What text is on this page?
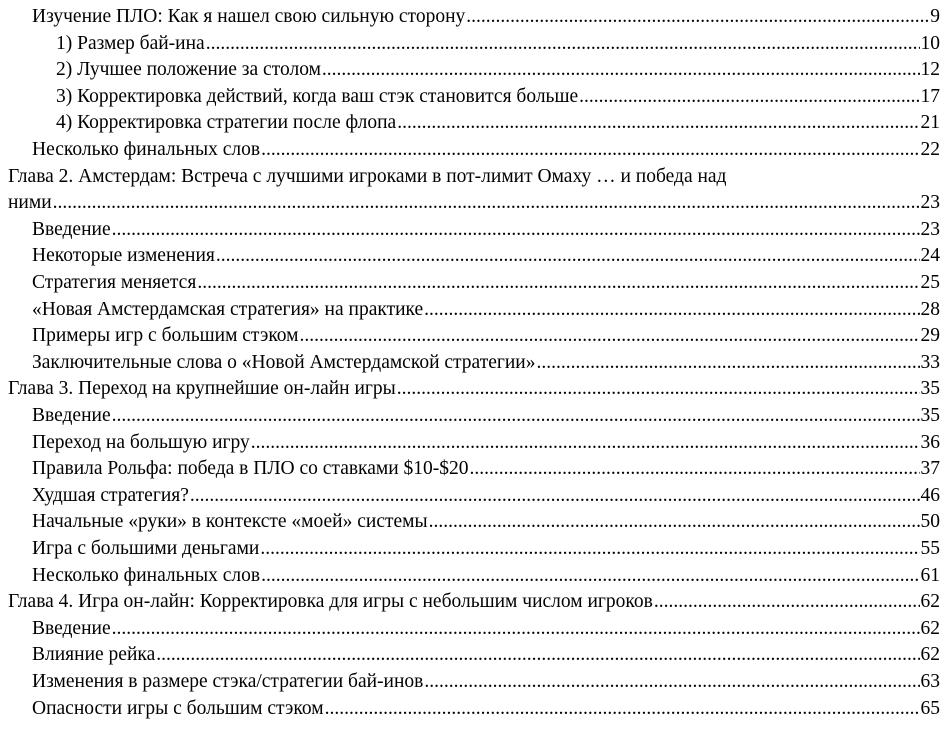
Изучение ПЛО: Как я нашел свою сильную сторону .....	9
1) Размер бай-ина .....	10
2) Лучшее положение за столом .....	12
3) Корректировка действий, когда ваш стэк становится больше .....	17
4) Корректировка стратегии после флопа .....	21
Несколько финальных слов .....	22
Глава 2. Амстердам: Встреча с лучшими игроками в пот-лимит Омаху … и победа над
ними .....	23
Введение .....	23
Некоторые изменения .....	24
Стратегия меняется .....	25
«Новая Амстердамская стратегия» на практике .....	28
Примеры игр с большим стэком .....	29
Заключительные слова о «Новой Амстердамской стратегии» .....	33
Глава 3. Переход на крупнейшие он-лайн игры .....	35
Введение .....	35
Переход на большую игру .....	36
Правила Рольфа: победа в ПЛО со ставками $10-$20 .....	37
Худшая стратегия? .....	46
Начальные «руки» в контексте «моей» системы .....	50
Игра с большими деньгами .....	55
Несколько финальных слов .....	61
Глава 4. Игра он-лайн: Корректировка для игры с небольшим числом игроков .....	62
Введение .....	62
Влияние рейка .....	62
Изменения в размере стэка/стратегии бай-инов .....	63
Опасности игры с большим стэком .....	65
